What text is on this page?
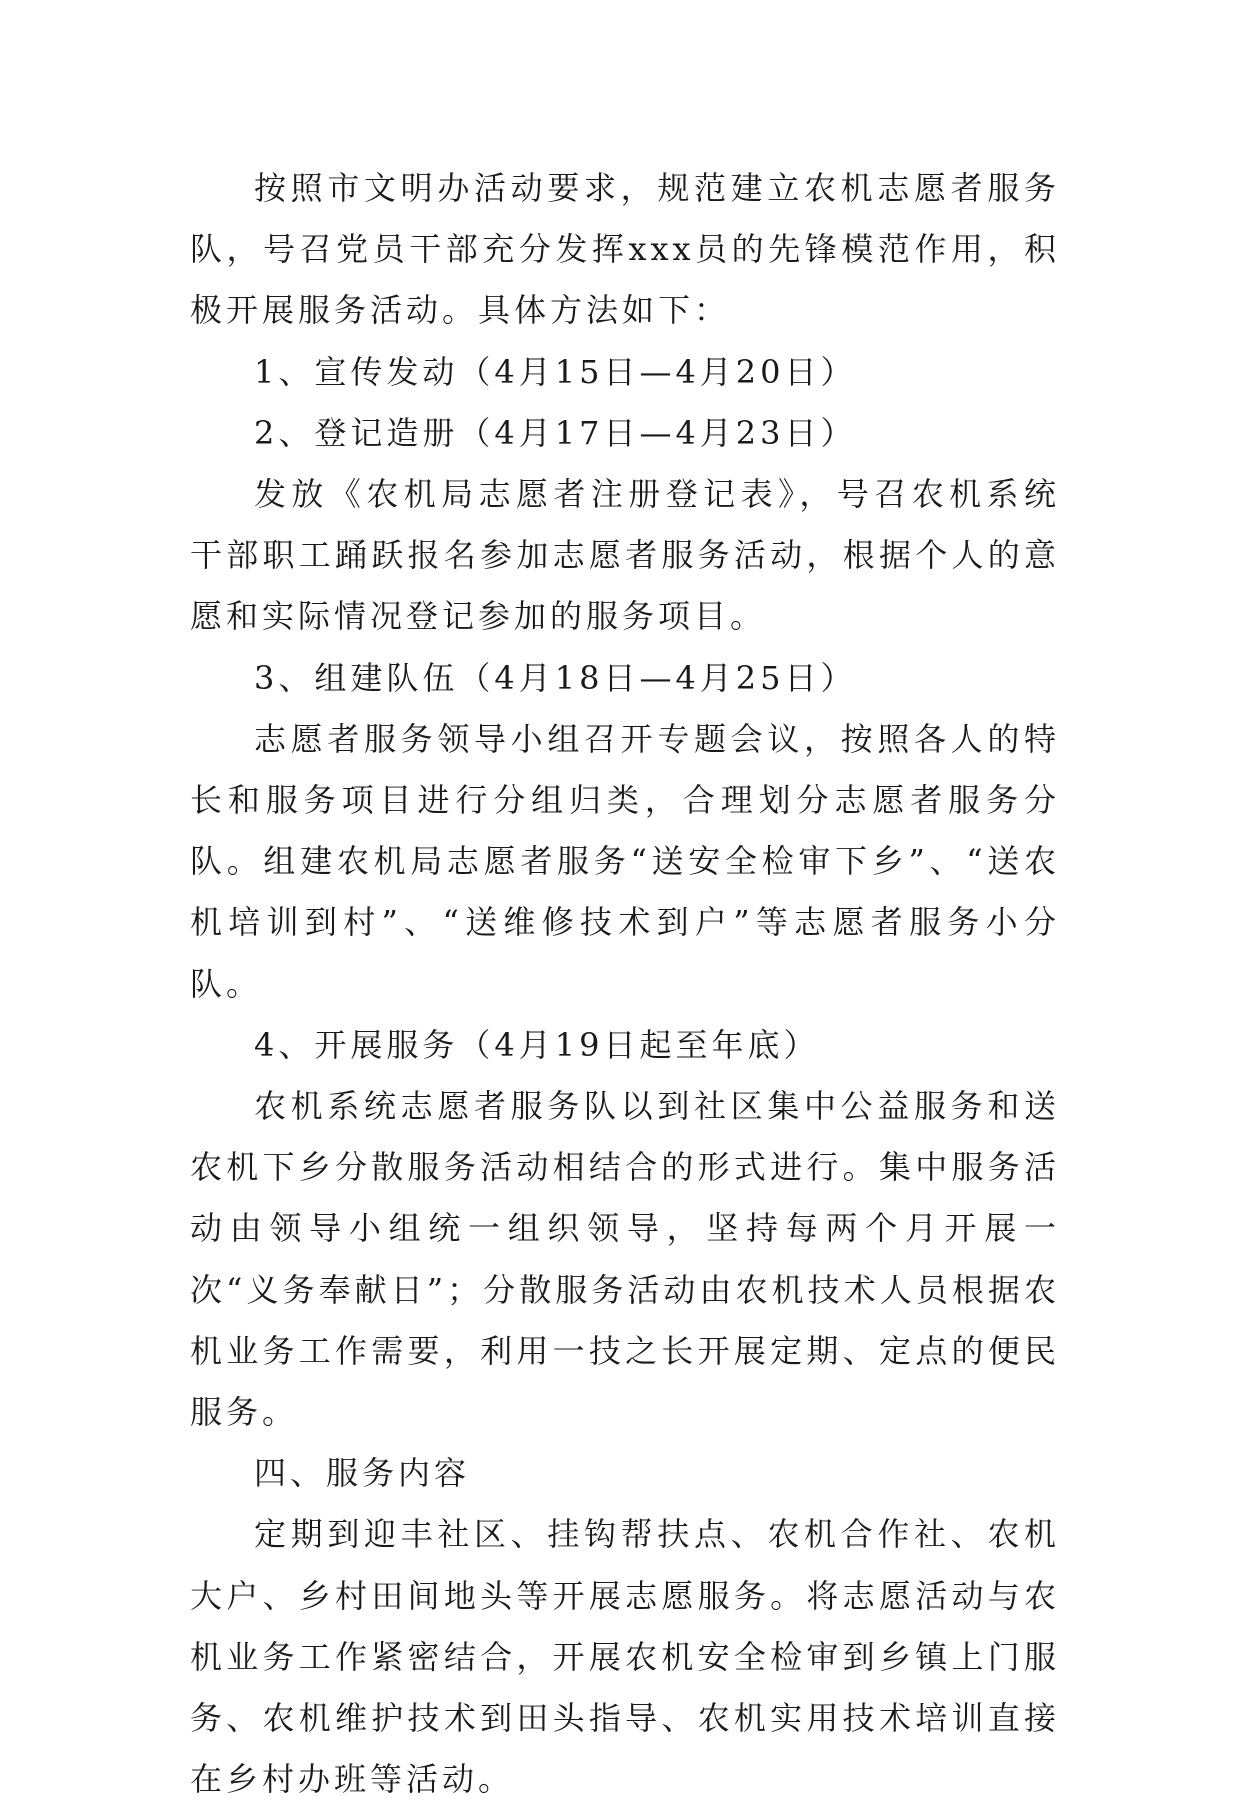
按照市文明办活动要求，规范建立农机志愿者服务队，号召党员干部充分发挥xxx员的先锋模范作用，积极开展服务活动。具体方法如下：

1、宣传发动（4月15日—4月20日）

2、登记造册（4月17日—4月23日）

发放《农机局志愿者注册登记表》，号召农机系统干部职工踊跃报名参加志愿者服务活动，根据个人的意愿和实际情况登记参加的服务项目。

3、组建队伍（4月18日—4月25日）

志愿者服务领导小组召开专题会议，按照各人的特长和服务项目进行分组归类，合理划分志愿者服务分队。组建农机局志愿者服务“送安全检审下乡”、“送农机培训到村”、“送维修技术到户”等志愿者服务小分队。

4、开展服务（4月19日起至年底）

农机系统志愿者服务队以到社区集中公益服务和送农机下乡分散服务活动相结合的形式进行。集中服务活动由领导小组统一组织领导，坚持每两个月开展一次“义务奉献日”；分散服务活动由农机技术人员根据农机业务工作需要，利用一技之长开展定期、定点的便民服务。

四、服务内容

定期到迎丰社区、挂钩帮扶点、农机合作社、农机大户、乡村田间地头等开展志愿服务。将志愿活动与农机业务工作紧密结合，开展农机安全检审到乡镇上门服务、农机维护技术到田头指导、农机实用技术培训直接在乡村办班等活动。
